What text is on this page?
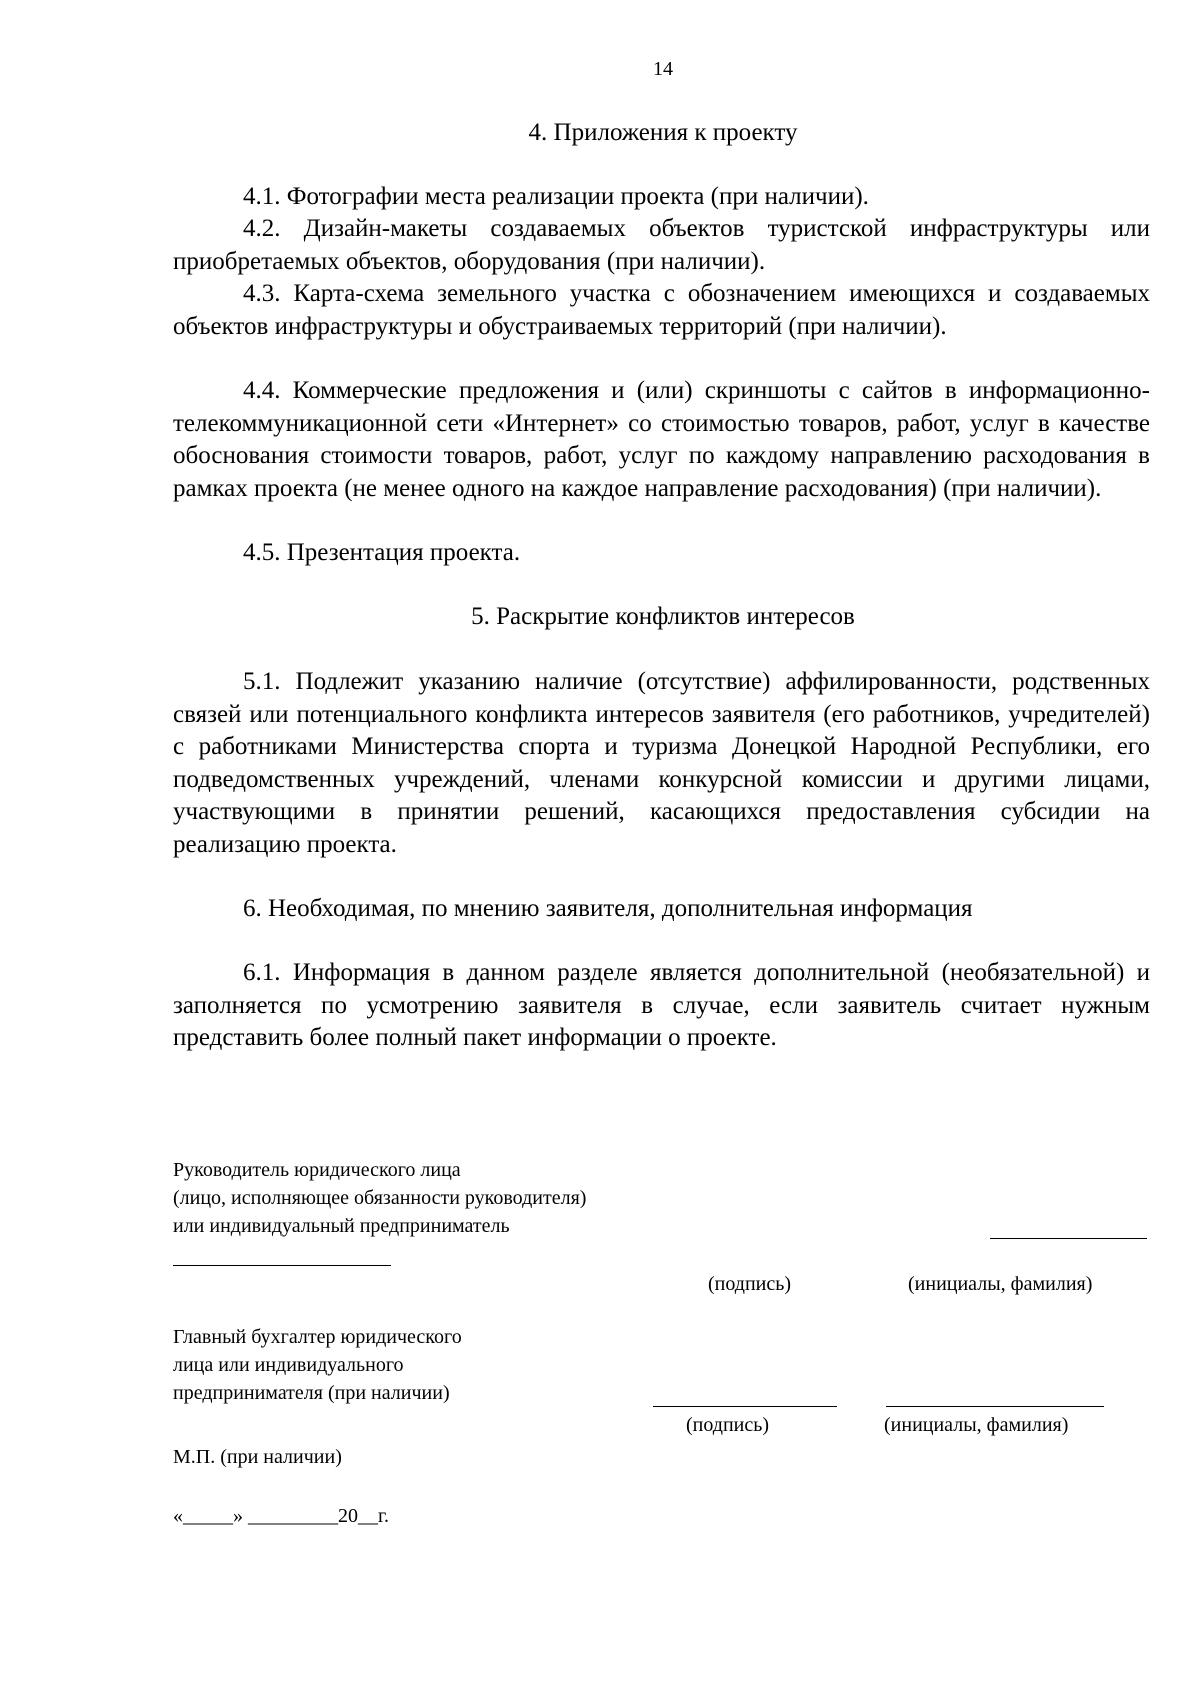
14
4. Приложения к проекту
4.1. Фотографии места реализации проекта (при наличии).
4.2. Дизайн-макеты создаваемых объектов туристской инфраструктуры или приобретаемых объектов, оборудования (при наличии).
4.3. Карта-схема земельного участка с обозначением имеющихся и создаваемых объектов инфраструктуры и обустраиваемых территорий (при наличии).
4.4. Коммерческие предложения и (или) скриншоты с сайтов в информационно-телекоммуникационной сети «Интернет» со стоимостью товаров, работ, услуг в качестве обоснования стоимости товаров, работ, услуг по каждому направлению расходования в рамках проекта (не менее одного на каждое направление расходования) (при наличии).
4.5. Презентация проекта.
5. Раскрытие конфликтов интересов
5.1. Подлежит указанию наличие (отсутствие) аффилированности, родственных связей или потенциального конфликта интересов заявителя (его работников, учредителей) с работниками Министерства спорта и туризма Донецкой Народной Республики, его подведомственных учреждений, членами конкурсной комиссии и другими лицами, участвующими в принятии решений, касающихся предоставления субсидии на реализацию проекта.
6. Необходимая, по мнению заявителя, дополнительная информация
6.1. Информация в данном разделе является дополнительной (необязательной) и заполняется по усмотрению заявителя в случае, если заявитель считает нужным представить более полный пакет информации о проекте.
Руководитель юридического лица
(лицо, исполняющее обязанности руководителя)
или индивидуальный предприниматель
(подпись)	(инициалы, фамилия)
Главный бухгалтер юридического
лица или индивидуального
предпринимателя (при наличии)
(подпись)	(инициалы, фамилия)
М.П. (при наличии)
«_____» _________20__г.
